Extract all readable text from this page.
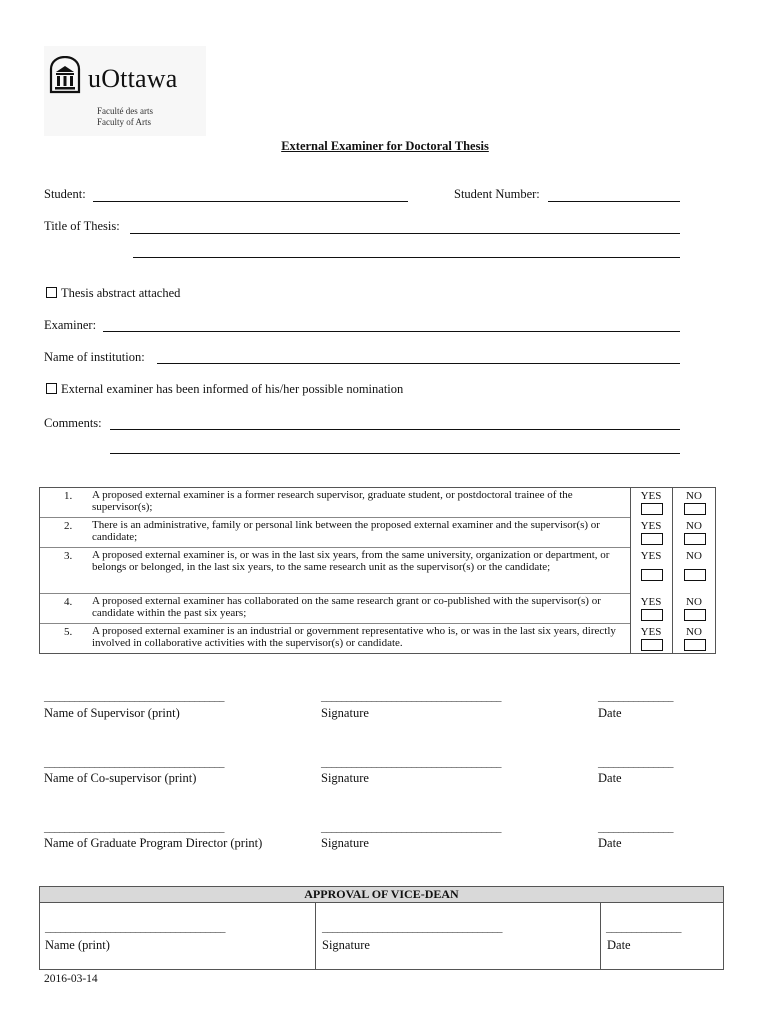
uOttawa
Faculté des arts
Faculty of Arts
External Examiner for Doctoral Thesis
Student:	Student Number:
Title of Thesis:
Thesis abstract attached
Examiner:
Name of institution:
External examiner has been informed of his/her possible nomination
Comments:
1. A proposed external examiner is a former research supervisor, graduate student, or postdoctoral trainee of the supervisor(s);
YES	NO
2. There is an administrative, family or personal link between the proposed external examiner and the supervisor(s) or candidate;
YES	NO
3. A proposed external examiner is, or was in the last six years, from the same university, organization or department, or belongs or belonged, in the last six years, to the same research unit as the supervisor(s) or the candidate;
YES	NO
4. A proposed external examiner has collaborated on the same research grant or co-published with the supervisor(s) or candidate within the past six years;
YES	NO
5. A proposed external examiner is an industrial or government representative who is, or was in the last six years, directly involved in collaborative activities with the supervisor(s) or candidate.
YES	NO
____________________________________	____________________________________	_______________
Name of Supervisor (print)	Signature	Date
____________________________________	____________________________________	_______________
Name of Co-supervisor (print)	Signature	Date
____________________________________	____________________________________	_______________
Name of Graduate Program Director (print)	Signature	Date
APPROVAL OF VICE-DEAN
____________________________________	____________________________________	_______________
Name (print)	Signature	Date
2016-03-14
